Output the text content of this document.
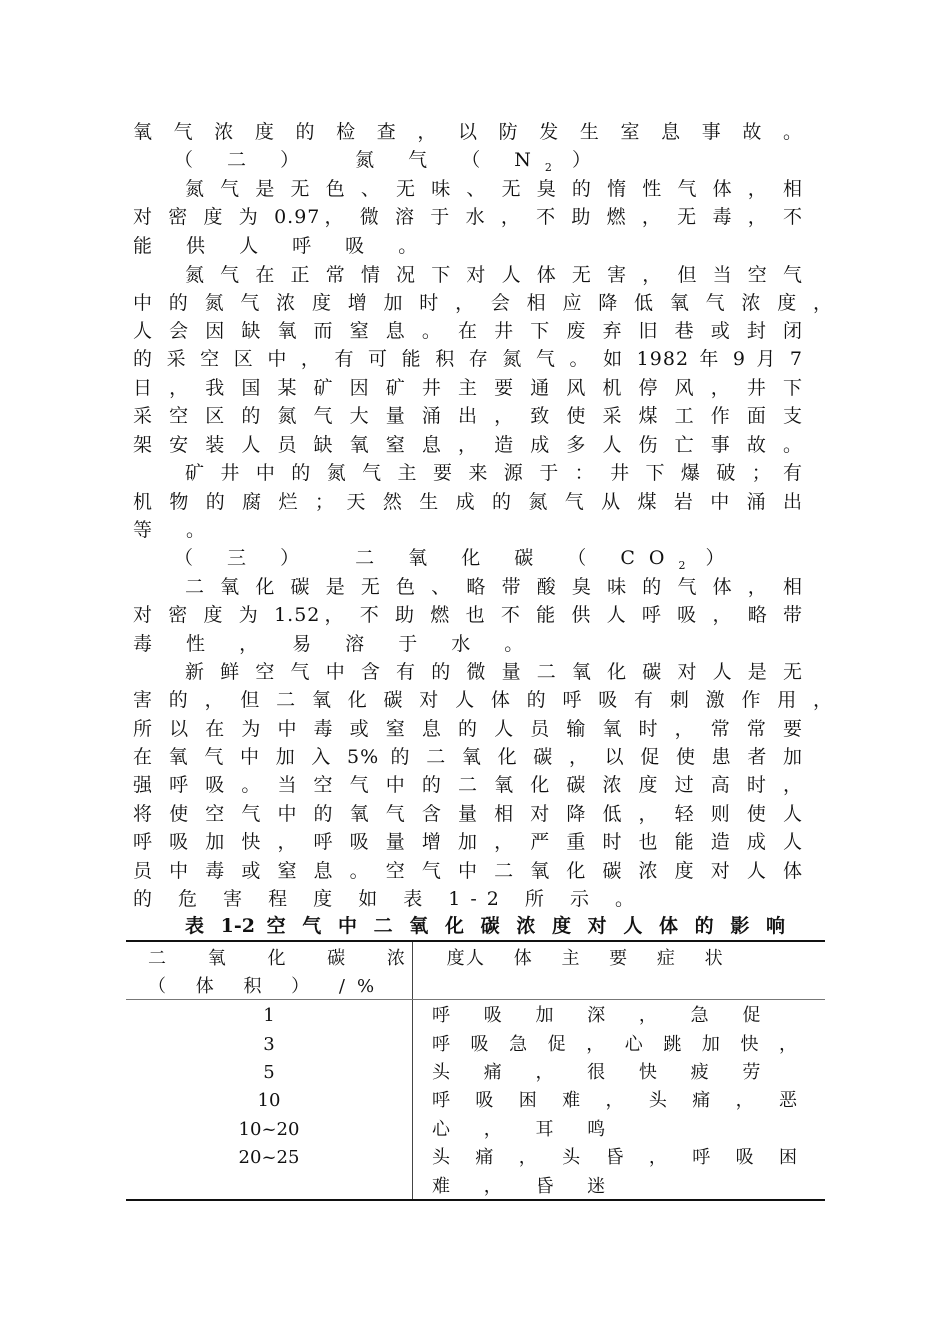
氧 气 浓 度 的 检 查 ， 以 防 发 生 室 息 事 故 。
（ 二 ） 氮 气 （ $N_2$ ）
氮 气 是 无 色 、 无 味 、 无 臭 的 惰 性 气 体 ， 相
对 密 度 为 0.97， 微 溶 于 水 ， 不 助 燃 ， 无 毒 ， 不
能 供 人 呼 吸 。
氮 气 在 正 常 情 况 下 对 人 体 无 害 ， 但 当 空 气
中 的 氮 气 浓 度 增 加 时 ， 会 相 应 降 低 氧 气 浓 度 ，
人 会 因 缺 氧 而 窒 息 。 在 井 下 废 弃 旧 巷 或 封 闭
的 采 空 区 中 ， 有 可 能 积 存 氮 气 。 如 1982 年 9 月 7
日 ， 我 国 某 矿 因 矿 井 主 要 通 风 机 停 风 ， 井 下
采 空 区 的 氮 气 大 量 涌 出 ， 致 使 采 煤 工 作 面 支
架 安 装 人 员 缺 氧 窒 息 ， 造 成 多 人 伤 亡 事 故 。
矿 井 中 的 氮 气 主 要 来 源 于 ： 井 下 爆 破 ； 有
机 物 的 腐 烂 ； 天 然 生 成 的 氮 气 从 煤 岩 中 涌 出
等 。
（ 三 ） 二 氧 化 碳 （ $CO_2$ ）
二 氧 化 碳 是 无 色 、 略 带 酸 臭 味 的 气 体 ， 相
对 密 度 为 1.52， 不 助 燃 也 不 能 供 人 呼 吸 ， 略 带
毒 性 ， 易 溶 于 水 。
新 鲜 空 气 中 含 有 的 微 量 二 氧 化 碳 对 人 是 无
害 的 ， 但 二 氧 化 碳 对 人 体 的 呼 吸 有 刺 激 作 用 ，
所 以 在 为 中 毒 或 窒 息 的 人 员 输 氧 时 ， 常 常 要
在 氧 气 中 加 入 5% 的 二 氧 化 碳 ， 以 促 使 患 者 加
强 呼 吸 。 当 空 气 中 的 二 氧 化 碳 浓 度 过 高 时 ，
将 使 空 气 中 的 氧 气 含 量 相 对 降 低 ， 轻 则 使 人
呼 吸 加 快 ， 呼 吸 量 增 加 ， 严 重 时 也 能 造 成 人
员 中 毒 或 窒 息 。 空 气 中 二 氧 化 碳 浓 度 对 人 体
的 危 害 程 度 如 表 1-2 所 示 。
表 1-2 空 气 中 二 氧 化 碳 浓 度 对 人 体 的 影 响
二 氧 化 碳 浓 度
（ 体 积 ） /%
人 体 主 要 症 状
1
3
5
10
10~20
20~25
呼 吸 加 深 ， 急 促
呼 吸 急 促 ， 心 跳 加 快 ，
头 痛 ， 很 快 疲 劳
呼 吸 困 难 ， 头 痛 ， 恶
心 ， 耳 鸣
头 痛 ， 头 昏 ， 呼 吸 困
难 ， 昏 迷
